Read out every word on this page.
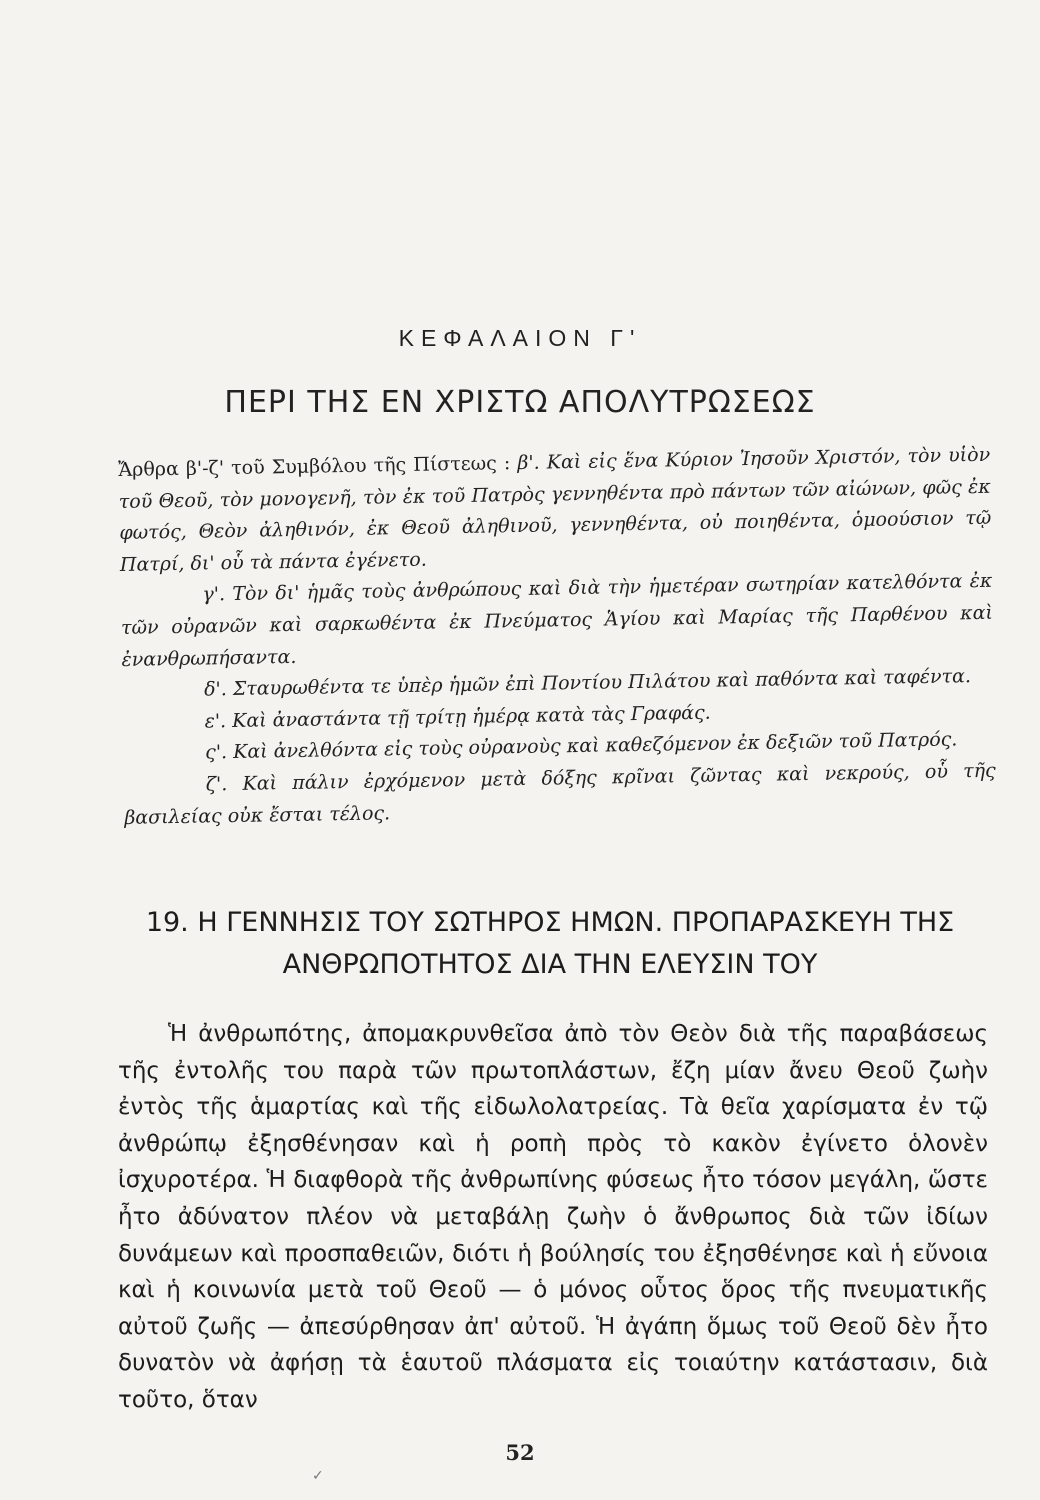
ΚΕΦΑΛΑΙΟΝ Γ'
ΠΕΡΙ ΤΗΣ ΕΝ ΧΡΙΣΤΩ ΑΠΟΛΥΤΡΩΣΕΩΣ

Ἄρθρα β'-ζ' τοῦ Συμβόλου τῆς Πίστεως : β'. Καὶ εἰς ἕνα Κύριον Ἰησοῦν Χριστόν, τὸν υἱὸν τοῦ Θεοῦ, τὸν μονογενῆ, τὸν ἐκ τοῦ Πατρὸς γεννηθέντα πρὸ πάντων τῶν αἰώνων, φῶς ἐκ φωτός, Θεὸν ἀληθινόν, ἐκ Θεοῦ ἀληθινοῦ, γεννηθέντα, οὐ ποιηθέντα, ὁμοούσιον τῷ Πατρί, δι' οὗ τὰ πάντα ἐγένετο.

γ'. Τὸν δι' ἡμᾶς τοὺς ἀνθρώπους καὶ διὰ τὴν ἡμετέραν σωτηρίαν κατελθόντα ἐκ τῶν οὐρανῶν καὶ σαρκωθέντα ἐκ Πνεύματος Ἁγίου καὶ Μαρίας τῆς Παρθένου καὶ ἐνανθρωπήσαντα.

δ'. Σταυρωθέντα τε ὑπὲρ ἡμῶν ἐπὶ Ποντίου Πιλάτου καὶ παθόντα καὶ ταφέντα.

ε'. Καὶ ἀναστάντα τῇ τρίτῃ ἡμέρᾳ κατὰ τὰς Γραφάς.

ς'. Καὶ ἀνελθόντα εἰς τοὺς οὐρανοὺς καὶ καθεζόμενον ἐκ δεξιῶν τοῦ Πατρός.

ζ'. Καὶ πάλιν ἐρχόμενον μετὰ δόξης κρῖναι ζῶντας καὶ νεκρούς, οὗ τῆς βασιλείας οὐκ ἔσται τέλος.

19. Η ΓΕΝΝΗΣΙΣ ΤΟΥ ΣΩΤΗΡΟΣ ΗΜΩΝ. ΠΡΟΠΑΡΑΣΚΕΥΗ ΤΗΣ ΑΝΘΡΩΠΟΤΗΤΟΣ ΔΙΑ ΤΗΝ ΕΛΕΥΣΙΝ ΤΟΥ

Ἡ ἀνθρωπότης, ἀπομακρυνθεῖσα ἀπὸ τὸν Θεὸν διὰ τῆς παραβάσεως τῆς ἐντολῆς του παρὰ τῶν πρωτοπλάστων, ἔζη μίαν ἄνευ Θεοῦ ζωὴν ἐντὸς τῆς ἁμαρτίας καὶ τῆς εἰδωλολατρείας. Τὰ θεῖα χαρίσματα ἐν τῷ ἀνθρώπῳ ἐξησθένησαν καὶ ἡ ροπὴ πρὸς τὸ κακὸν ἐγίνετο ὁλονὲν ἰσχυροτέρα. Ἡ διαφθορὰ τῆς ἀνθρωπίνης φύσεως ἦτο τόσον μεγάλη, ὥστε ἦτο ἀδύνατον πλέον νὰ μεταβάλῃ ζωὴν ὁ ἄνθρωπος διὰ τῶν ἰδίων δυνάμεων καὶ προσπαθειῶν, διότι ἡ βούλησίς του ἐξησθένησε καὶ ἡ εὔνοια καὶ ἡ κοινωνία μετὰ τοῦ Θεοῦ — ὁ μόνος οὗτος ὅρος τῆς πνευματικῆς αὐτοῦ ζωῆς — ἀπεσύρθησαν ἀπ' αὐτοῦ. Ἡ ἀγάπη ὅμως τοῦ Θεοῦ δὲν ἦτο δυνατὸν νὰ ἀφήσῃ τὰ ἑαυτοῦ πλάσματα εἰς τοιαύτην κατάστασιν, διὰ τοῦτο, ὅταν

52
✓
